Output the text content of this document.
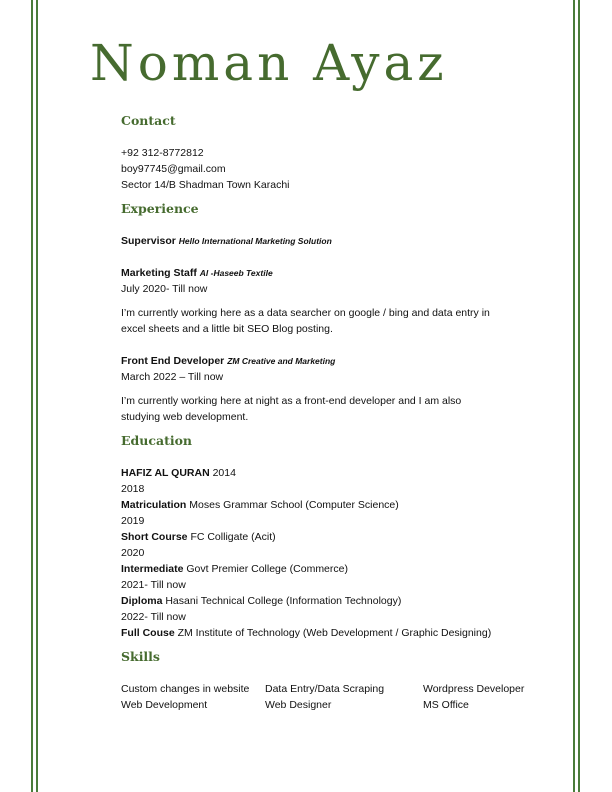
Noman Ayaz
Contact

+92 312-8772812

boy97745@gmail.com

Sector 14/B Shadman Town Karachi

Experience

Supervisor Hello International Marketing Solution

Marketing Staff Al -Haseeb Textile

July 2020- Till now

I’m currently working here as a data searcher on google / bing and data entry in excel sheets and a little bit SEO Blog posting.

Front End Developer ZM Creative and Marketing

March 2022 – Till now

I’m currently working here at night as a front-end developer and I am also studying web development.

Education

HAFIZ AL QURAN 2014

2018

Matriculation Moses Grammar School (Computer Science)

2019

Short Course FC Colligate (Acit)

2020

Intermediate Govt Premier College (Commerce)

2021- Till now

Diploma Hasani Technical College (Information Technology)

2022- Till now

Full Couse ZM Institute of Technology (Web Development / Graphic Designing)

Skills
Custom changes in website	Data Entry/Data Scraping	Wordpress Developer
Web Development	Web Designer	MS Office
